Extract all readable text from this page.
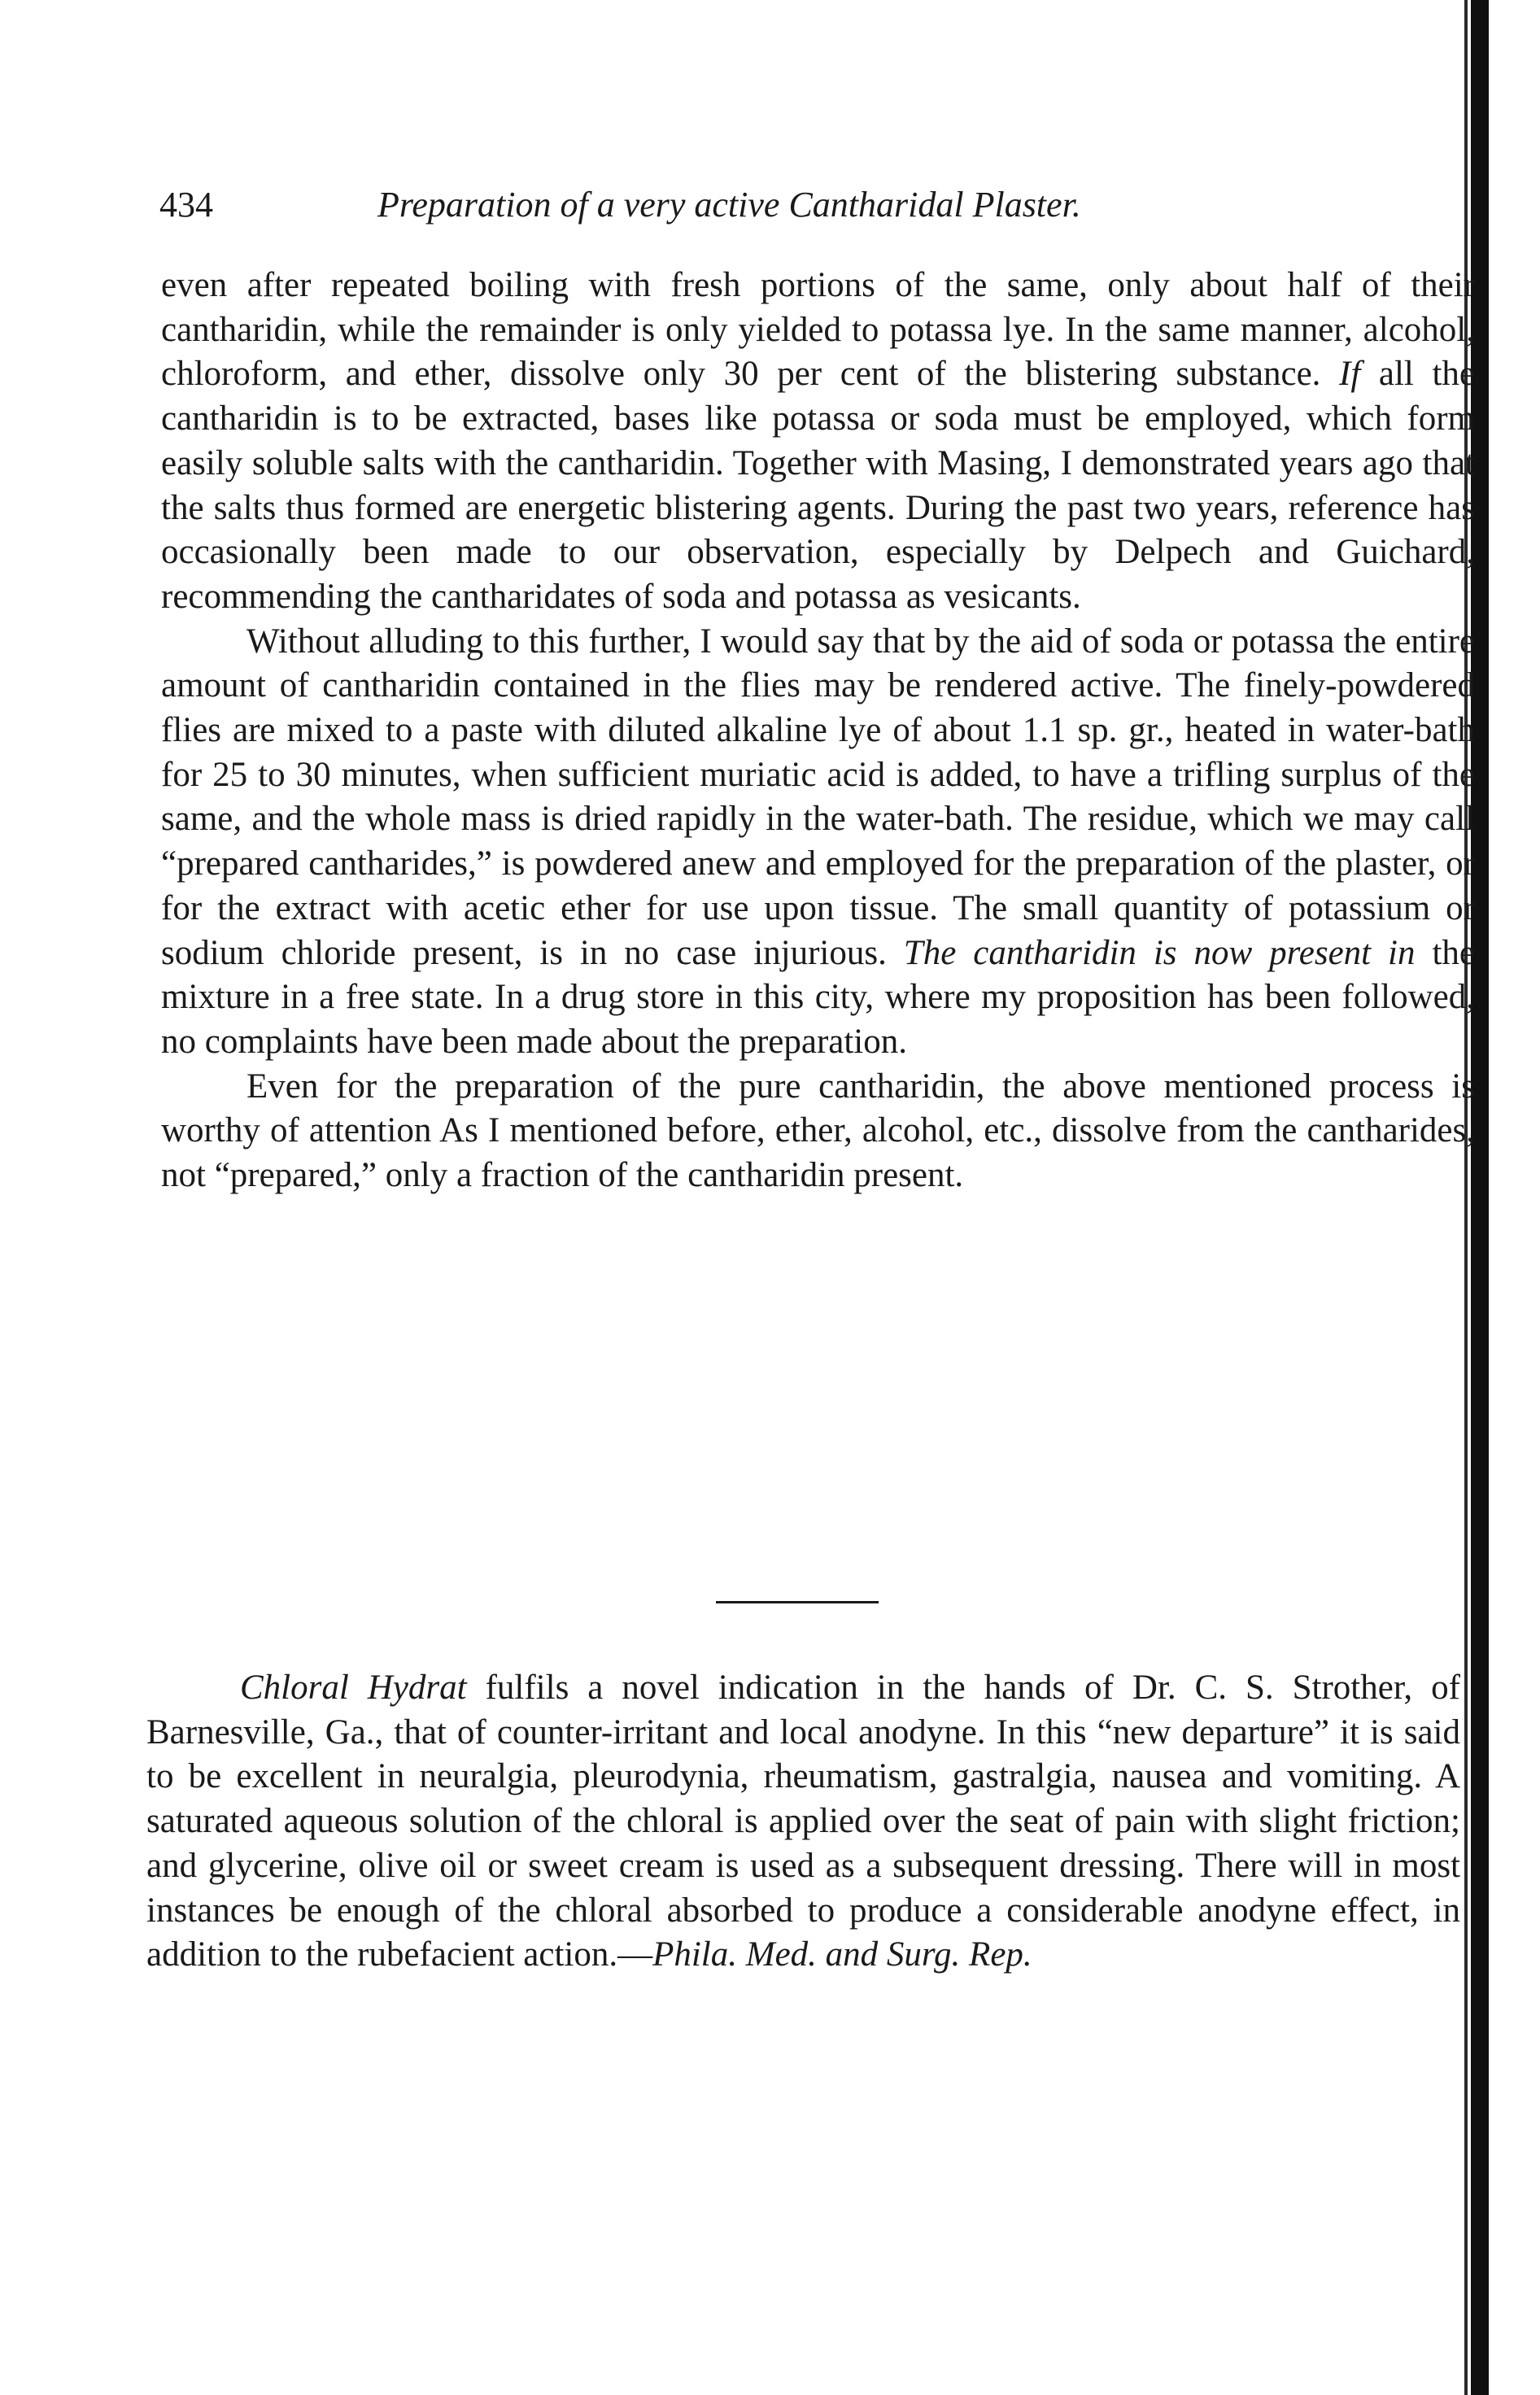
434	Preparation of a very active Cantharidal Plaster.

even after repeated boiling with fresh portions of the same, only about half of their cantharidin, while the remainder is only yielded to potassa lye. In the same manner, alcohol, chloroform, and ether, dissolve only 30 per cent of the blistering substance. If all the cantharidin is to be extracted, bases like potassa or soda must be employed, which form easily soluble salts with the cantharidin. Together with Masing, I demonstrated years ago that the salts thus formed are energetic blistering agents. During the past two years, reference has occasionally been made to our observation, especially by Delpech and Guichard, recommending the cantharidates of soda and potassa as vesicants.

Without alluding to this further, I would say that by the aid of soda or potassa the entire amount of cantharidin contained in the flies may be rendered active. The finely-powdered flies are mixed to a paste with diluted alkaline lye of about 1.1 sp. gr., heated in water-bath for 25 to 30 minutes, when sufficient muriatic acid is added, to have a trifling surplus of the same, and the whole mass is dried rapidly in the water-bath. The residue, which we may call “prepared cantharides,” is powdered anew and employed for the preparation of the plaster, or for the extract with acetic ether for use upon tissue. The small quantity of potassium or sodium chloride present, is in no case injurious. The cantharidin is now present in the mixture in a free state. In a drug store in this city, where my proposition has been followed, no complaints have been made about the preparation.

Even for the preparation of the pure cantharidin, the above mentioned process is worthy of attention As I mentioned before, ether, alcohol, etc., dissolve from the cantharides, not “prepared,” only a fraction of the cantharidin present.

Chloral Hydrat fulfils a novel indication in the hands of Dr. C. S. Strother, of Barnesville, Ga., that of counter-irritant and local anodyne. In this “new departure” it is said to be excellent in neuralgia, pleurodynia, rheumatism, gastralgia, nausea and vomiting. A saturated aqueous solution of the chloral is applied over the seat of pain with slight friction; and glycerine, olive oil or sweet cream is used as a subsequent dressing. There will in most instances be enough of the chloral absorbed to produce a considerable anodyne effect, in addition to the rubefacient action.—Phila. Med. and Surg. Rep.
